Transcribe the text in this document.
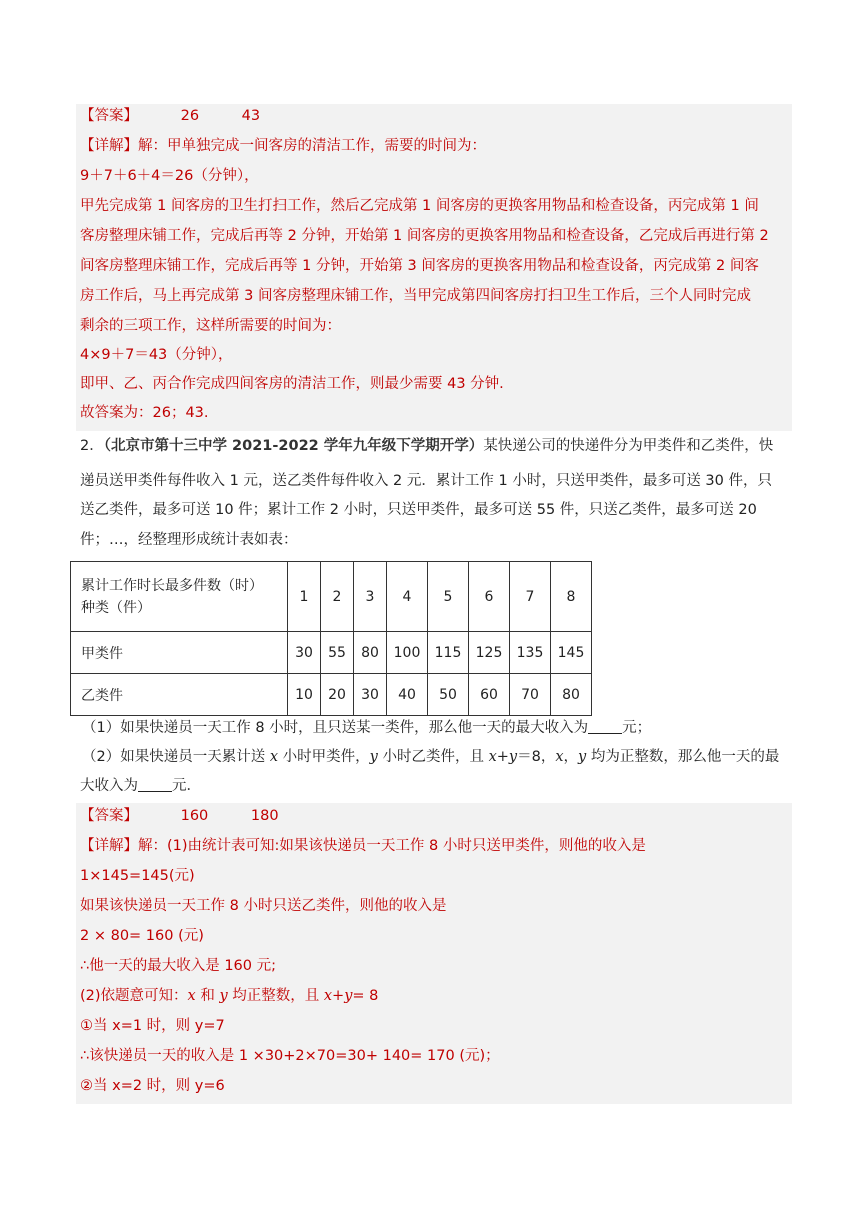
【答案】	26	43
【详解】解：甲单独完成一间客房的清洁工作，需要的时间为：
9＋7＋6＋4＝26（分钟），
甲先完成第 1 间客房的卫生打扫工作，然后乙完成第 1 间客房的更换客用物品和检查设备，丙完成第 1 间
客房整理床铺工作，完成后再等 2 分钟，开始第 1 间客房的更换客用物品和检查设备，乙完成后再进行第 2
间客房整理床铺工作，完成后再等 1 分钟，开始第 3 间客房的更换客用物品和检查设备，丙完成第 2 间客
房工作后，马上再完成第 3 间客房整理床铺工作，当甲完成第四间客房打扫卫生工作后，三个人同时完成
剩余的三项工作，这样所需要的时间为：
4×9＋7＝43（分钟），
即甲、乙、丙合作完成四间客房的清洁工作，则最少需要 43 分钟.
故答案为：26；43.
2．（北京市第十三中学 2021-2022 学年九年级下学期开学）某快递公司的快递件分为甲类件和乙类件，快
递员送甲类件每件收入 1 元，送乙类件每件收入 2 元．累计工作 1 小时，只送甲类件，最多可送 30 件，只
送乙类件，最多可送 10 件；累计工作 2 小时，只送甲类件，最多可送 55 件，只送乙类件，最多可送 20
件；…，经整理形成统计表如表：
累计工作时长最多件数（时）
种类（件）	1	2	3	4	5	6	7	8
甲类件	30	55	80	100	115	125	135	145
乙类件	10	20	30	40	50	60	70	80
（1）如果快递员一天工作 8 小时，且只送某一类件，那么他一天的最大收入为 元；
（2）如果快递员一天累计送 x 小时甲类件，y 小时乙类件，且 x+y＝8，x，y 均为正整数，那么他一天的最
大收入为 元．
【答案】	160	180
【详解】解：(1)由统计表可知:如果该快递员一天工作 8 小时只送甲类件，则他的收入是
1×145=145(元)
如果该快递员一天工作 8 小时只送乙类件，则他的收入是
2 × 80= 160 (元)
∴他一天的最大收入是 160 元;
(2)依题意可知：x 和 y 均正整数，且 x+y= 8
①当 x=1 时，则 y=7
∴该快递员一天的收入是 1 ×30+2×70=30+ 140= 170 (元)；
②当 x=2 时，则 y=6
